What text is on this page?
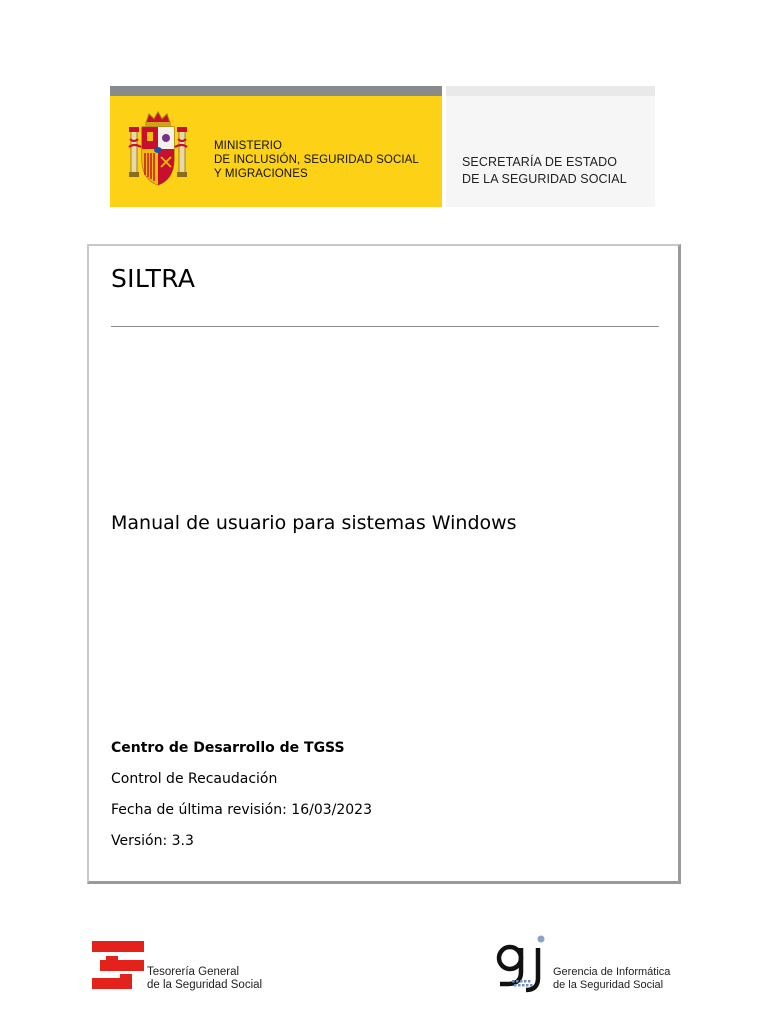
MINISTERIO
DE INCLUSIÓN, SEGURIDAD SOCIAL
Y MIGRACIONES
SECRETARÍA DE ESTADO
DE LA SEGURIDAD SOCIAL
SILTRA
Manual de usuario para sistemas Windows
Centro de Desarrollo de TGSS
Control de Recaudación
Fecha de última revisión: 16/03/2023
Versión: 3.3
Tesorería General
de la Seguridad Social
Gerencia de Informática
de la Seguridad Social
